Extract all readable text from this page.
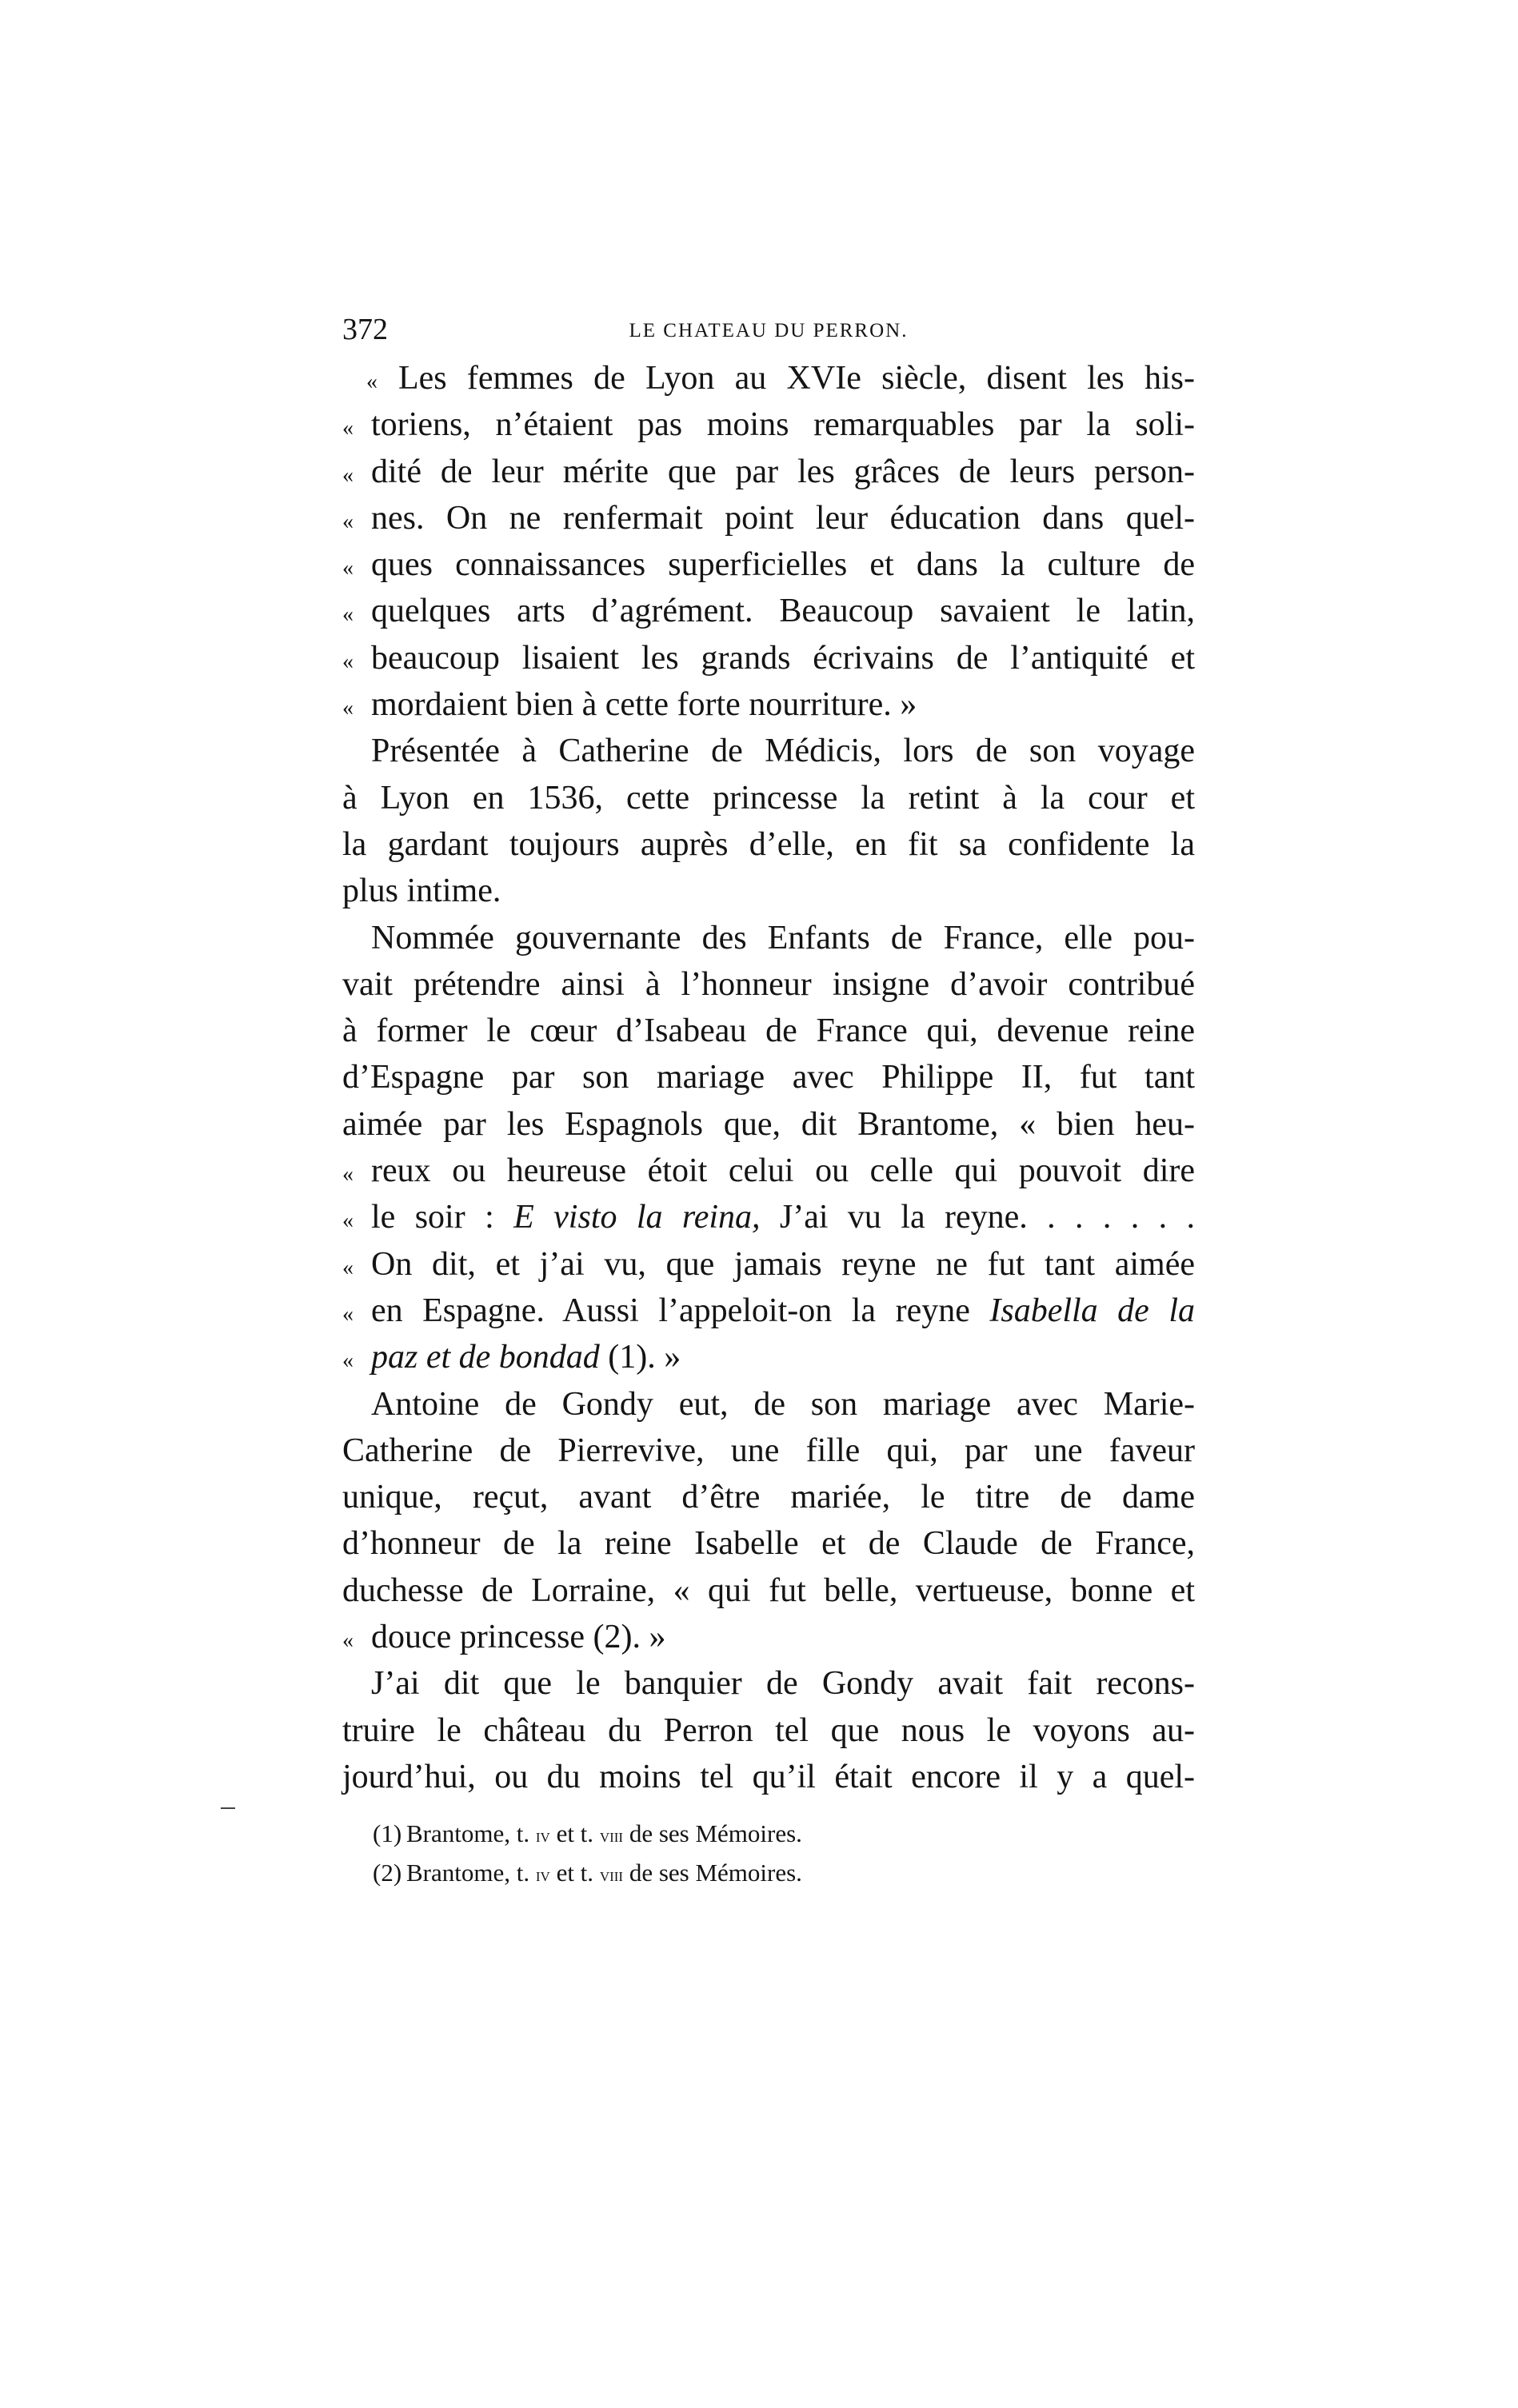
372	LE CHATEAU DU PERRON.
« Les femmes de Lyon au XVIe siècle, disent les his-
« toriens, n’étaient pas moins remarquables par la soli-
« dité de leur mérite que par les grâces de leurs person-
« nes. On ne renfermait point leur éducation dans quel-
« ques connaissances superficielles et dans la culture de
« quelques arts d’agrément. Beaucoup savaient le latin,
« beaucoup lisaient les grands écrivains de l’antiquité et
« mordaient bien à cette forte nourriture. »
Présentée à Catherine de Médicis, lors de son voyage
à Lyon en 1536, cette princesse la retint à la cour et
la gardant toujours auprès d’elle, en fit sa confidente la
plus intime.
Nommée gouvernante des Enfants de France, elle pou-
vait prétendre ainsi à l’honneur insigne d’avoir contribué
à former le cœur d’Isabeau de France qui, devenue reine
d’Espagne par son mariage avec Philippe II, fut tant
aimée par les Espagnols que, dit Brantome, « bien heu-
« reux ou heureuse étoit celui ou celle qui pouvoit dire
« le soir : E visto la reina, J’ai vu la reyne. . . . . . .
« On dit, et j’ai vu, que jamais reyne ne fut tant aimée
« en Espagne. Aussi l’appeloit-on la reyne Isabella de la
« paz et de bondad (1). »
Antoine de Gondy eut, de son mariage avec Marie-
Catherine de Pierrevive, une fille qui, par une faveur
unique, reçut, avant d’être mariée, le titre de dame
d’honneur de la reine Isabelle et de Claude de France,
duchesse de Lorraine, « qui fut belle, vertueuse, bonne et
« douce princesse (2). »
J’ai dit que le banquier de Gondy avait fait recons-
truire le château du Perron tel que nous le voyons au-
jourd’hui, ou du moins tel qu’il était encore il y a quel-
(1) Brantome, t. iv et t. viii de ses Mémoires.
(2) Brantome, t. iv et t. viii de ses Mémoires.
